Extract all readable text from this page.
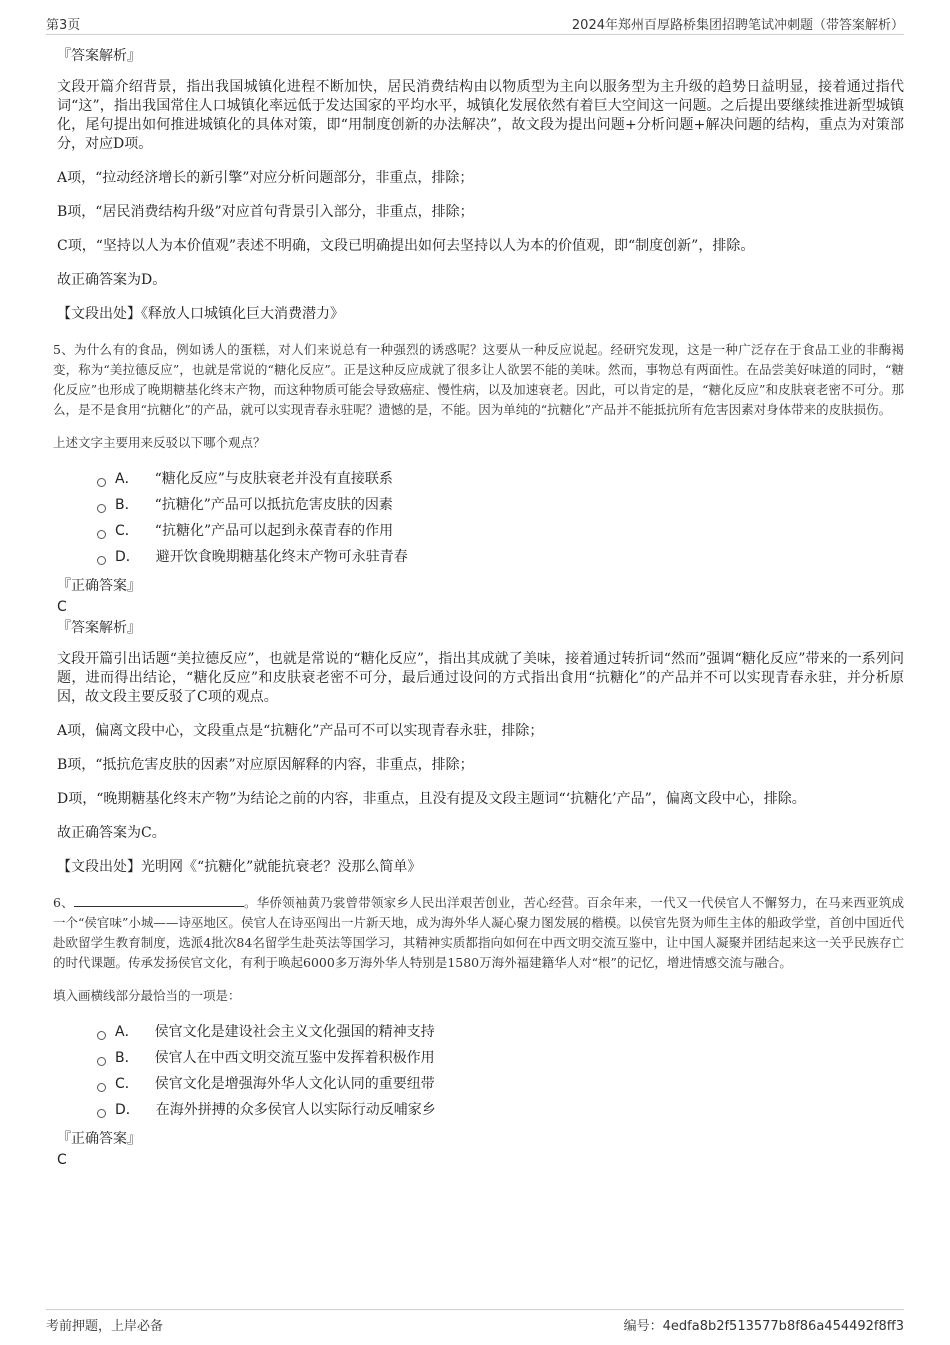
第3页	2024年郑州百厚路桥集团招聘笔试冲刺题（带答案解析）

『答案解析』

文段开篇介绍背景，指出我国城镇化进程不断加快，居民消费结构由以物质型为主向以服务型为主升级的趋势日益明显，接着通过指代词“这”，指出我国常住人口城镇化率远低于发达国家的平均水平，城镇化发展依然有着巨大空间这一问题。之后提出要继续推进新型城镇化，尾句提出如何推进城镇化的具体对策，即“用制度创新的办法解决”，故文段为提出问题+分析问题+解决问题的结构，重点为对策部分，对应D项。

A项，“拉动经济增长的新引擎”对应分析问题部分，非重点，排除；

B项，“居民消费结构升级”对应首句背景引入部分，非重点，排除；

C项，“坚持以人为本价值观”表述不明确，文段已明确提出如何去坚持以人为本的价值观，即“制度创新”，排除。

故正确答案为D。

【文段出处】《释放人口城镇化巨大消费潜力》

5、为什么有的食品，例如诱人的蛋糕，对人们来说总有一种强烈的诱惑呢？这要从一种反应说起。经研究发现，这是一种广泛存在于食品工业的非酶褐变，称为“美拉德反应”，也就是常说的“糖化反应”。正是这种反应成就了很多让人欲罢不能的美味。然而，事物总有两面性。在品尝美好味道的同时，“糖化反应”也形成了晚期糖基化终末产物，而这种物质可能会导致癌症、慢性病，以及加速衰老。因此，可以肯定的是，“糖化反应”和皮肤衰老密不可分。那么，是不是食用“抗糖化”的产品，就可以实现青春永驻呢？遗憾的是，不能。因为单纯的“抗糖化”产品并不能抵抗所有危害因素对身体带来的皮肤损伤。

上述文字主要用来反驳以下哪个观点？

A． “糖化反应”与皮肤衰老并没有直接联系
B． “抗糖化”产品可以抵抗危害皮肤的因素
C． “抗糖化”产品可以起到永葆青春的作用
D． 避开饮食晚期糖基化终末产物可永驻青春

『正确答案』

C

『答案解析』

文段开篇引出话题“美拉德反应”，也就是常说的“糖化反应”，指出其成就了美味，接着通过转折词“然而”强调“糖化反应”带来的一系列问题，进而得出结论，“糖化反应”和皮肤衰老密不可分，最后通过设问的方式指出食用“抗糖化”的产品并不可以实现青春永驻，并分析原因，故文段主要反驳了C项的观点。

A项，偏离文段中心，文段重点是“抗糖化”产品可不可以实现青春永驻，排除；

B项，“抵抗危害皮肤的因素”对应原因解释的内容，非重点，排除；

D项，“晚期糖基化终末产物”为结论之前的内容，非重点，且没有提及文段主题词“‘抗糖化’产品”，偏离文段中心，排除。

故正确答案为C。

【文段出处】光明网《“抗糖化”就能抗衰老？没那么简单》

6、	。华侨领袖黄乃裳曾带领家乡人民出洋艰苦创业，苦心经营。百余年来，一代又一代侯官人不懈努力，在马来西亚筑成一个“侯官味”小城——诗巫地区。侯官人在诗巫闯出一片新天地，成为海外华人凝心聚力图发展的楷模。以侯官先贤为师生主体的船政学堂，首创中国近代赴欧留学生教育制度，选派4批次84名留学生赴英法等国学习，其精神实质都指向如何在中西文明交流互鉴中，让中国人凝聚并团结起来这一关乎民族存亡的时代课题。传承发扬侯官文化，有利于唤起6000多万海外华人特别是1580万海外福建籍华人对“根”的记忆，增进情感交流与融合。

填入画横线部分最恰当的一项是：

A． 侯官文化是建设社会主义文化强国的精神支持
B． 侯官人在中西文明交流互鉴中发挥着积极作用
C． 侯官文化是增强海外华人文化认同的重要纽带
D． 在海外拼搏的众多侯官人以实际行动反哺家乡

『正确答案』

C

考前押题，上岸必备	编号：4edfa8b2f513577b8f86a454492f8ff3
